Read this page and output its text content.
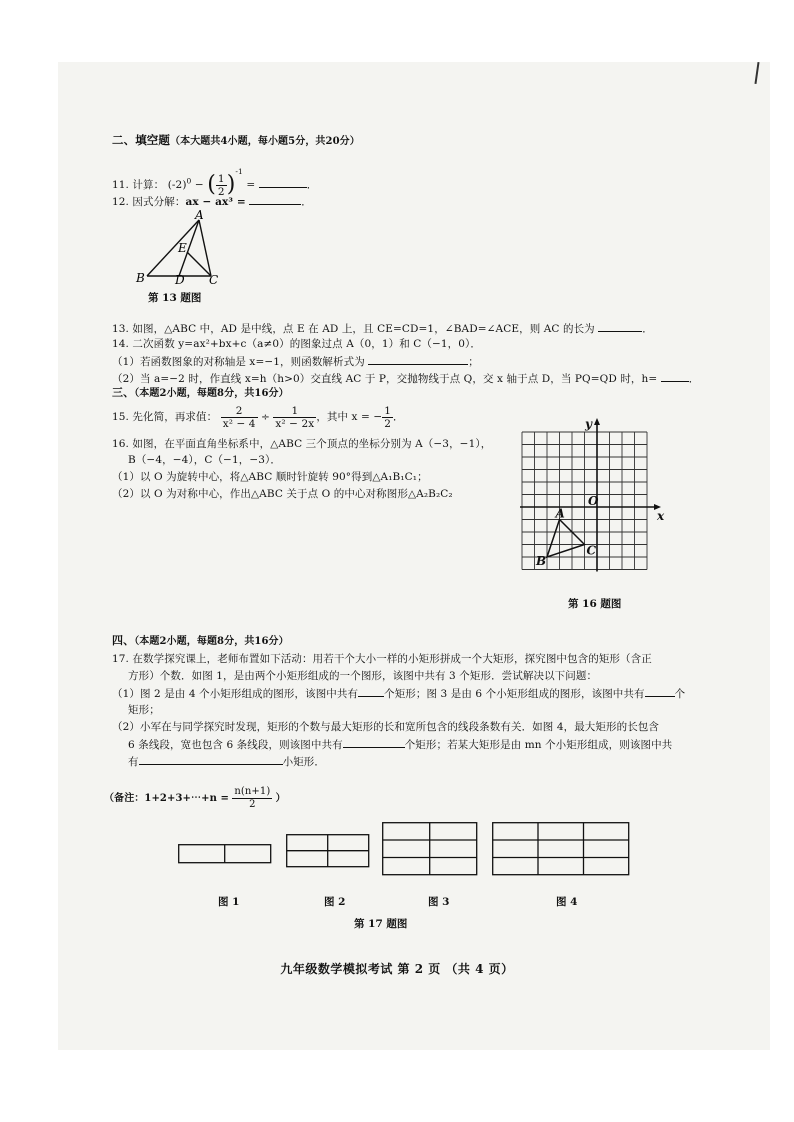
二、填空题（本大题共4小题，每小题5分，共20分）
11. 计算： $(-2)^0$ − ( $\frac{1}{2} )^{-1}$ =	．
12. 因式分解：ax − ax³ =	．
A
B	C
D
E
第 13 题图
13. 如图，△ABC 中，AD 是中线，点 E 在 AD 上，且 CE=CD=1，∠BAD=∠ACE，则 AC 的长为	．
14. 二次函数 y=ax²+bx+c（a≠0）的图象过点 A（0，1）和 C（−1，0）．
（1）若函数图象的对称轴是 x=−1，则函数解析式为	；
（2）当 a=−2 时，作直线 x=h（h>0）交直线 AC 于 P，交抛物线于点 Q，交 x 轴于点 D，当 PQ=QD 时，h=	．
三、（本题2小题，每题8分，共16分）
15. 先化简，再求值： $\frac{2}{\text{x² − 4}} \div \frac{1}{\text{x² − 2x}}$ ，其中 x = − $\frac{1}{2}$ ．
16. 如图，在平面直角坐标系中，△ABC 三个顶点的坐标分别为 A（−3，−1），
B（−4，−4），C（−1，−3）．
（1）以 O 为旋转中心，将△ABC 顺时针旋转 90°得到△A₁B₁C₁；
（2）以 O 为对称中心，作出△ABC 关于点 O 的中心对称图形△A₂B₂C₂
x
y
O
A
B
C
第 16 题图
四、（本题2小题，每题8分，共16分）
17. 在数学探究课上，老师布置如下活动：用若干个大小一样的小矩形拼成一个大矩形，探究图中包含的矩形（含正
方形）个数．如图 1，是由两个小矩形组成的一个图形，该图中共有 3 个矩形．尝试解决以下问题：
（1）图 2 是由 4 个小矩形组成的图形，该图中共有 个矩形；图 3 是由 6 个小矩形组成的图形，该图中共有	个
矩形；
（2）小军在与同学探究时发现，矩形的个数与最大矩形的长和宽所包含的线段条数有关．如图 4，最大矩形的长包含
6 条线段，宽也包含 6 条线段，则该图中共有	个矩形；若某大矩形是由 mn 个小矩形组成，则该图中共
有	小矩形．
（备注：1+2+3+⋯+n = $\frac{n(n+1)}{2}$ ）
图 1	图 2	图 3	图 4
第 17 题图
九年级数学模拟考试 第 2 页 （共 4 页）
